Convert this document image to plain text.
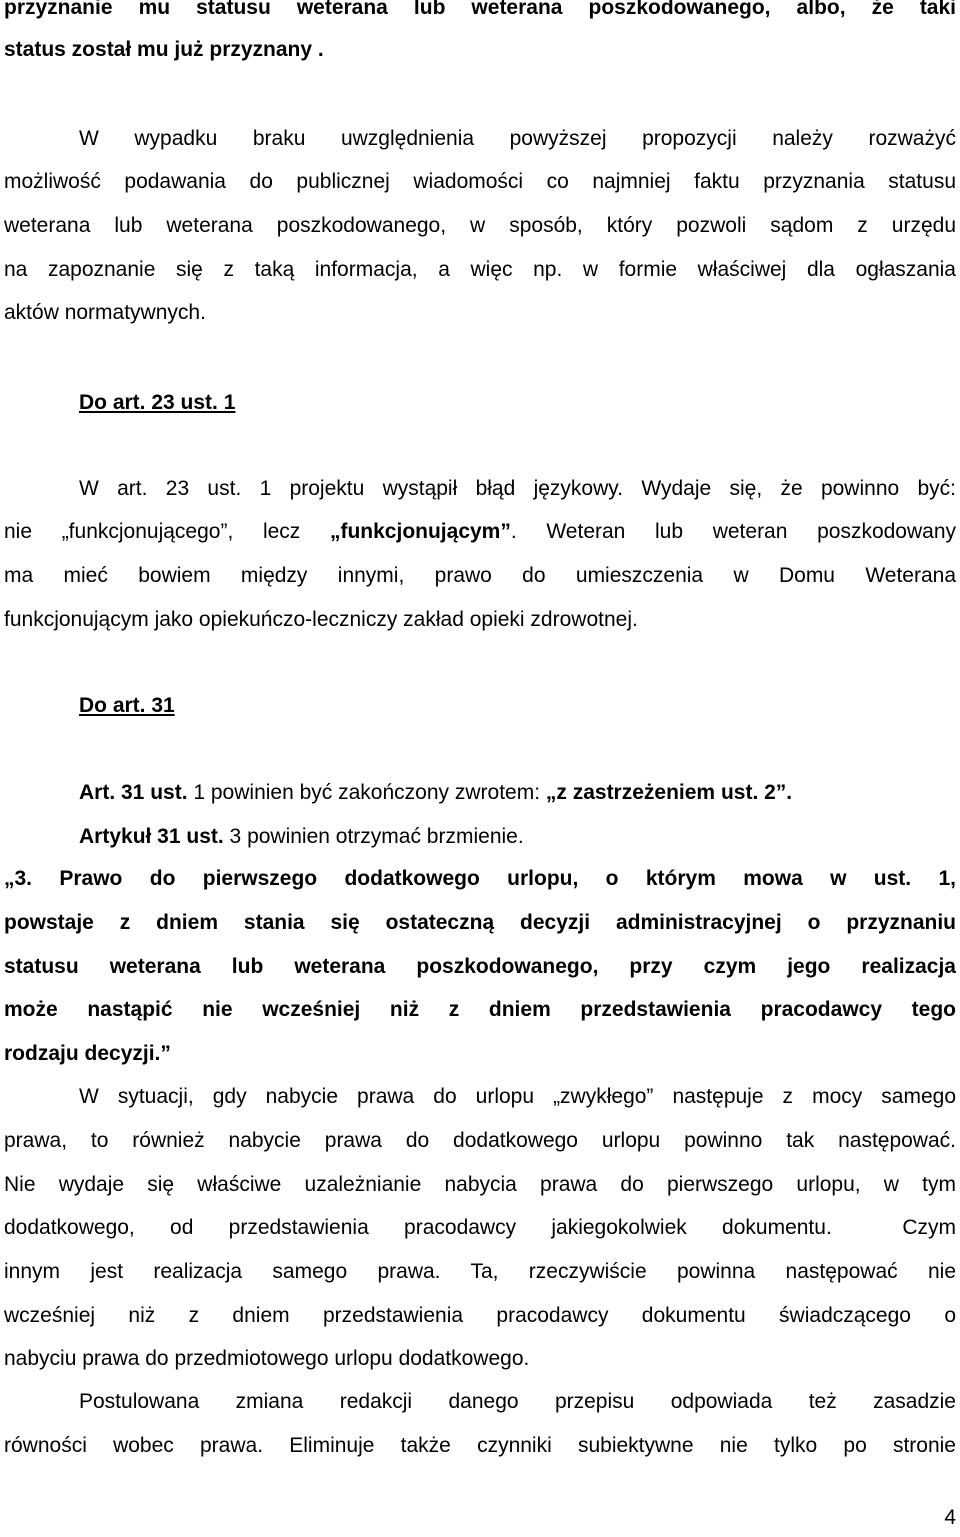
przyznanie mu statusu weterana lub weterana poszkodowanego, albo, że taki

status został mu już przyznany .

W wypadku braku uwzględnienia powyższej propozycji należy rozważyć

możliwość podawania do publicznej wiadomości co najmniej faktu przyznania statusu

weterana lub weterana poszkodowanego, w sposób, który pozwoli sądom z urzędu

na zapoznanie się z taką informacja, a więc np. w formie właściwej dla ogłaszania

aktów normatywnych.

Do art. 23 ust. 1

W art. 23 ust. 1 projektu wystąpił błąd językowy. Wydaje się, że powinno być:

nie „funkcjonującego”, lecz „funkcjonującym”. Weteran lub weteran poszkodowany

ma mieć bowiem między innymi, prawo do umieszczenia w Domu Weterana

funkcjonującym jako opiekuńczo-leczniczy zakład opieki zdrowotnej.

Do art. 31

Art. 31 ust. 1 powinien być zakończony zwrotem: „z zastrzeżeniem ust. 2”.

Artykuł 31 ust. 3 powinien otrzymać brzmienie.

„3. Prawo do pierwszego dodatkowego urlopu, o którym mowa w ust. 1,

powstaje z dniem stania się ostateczną decyzji administracyjnej o przyznaniu

statusu weterana lub weterana poszkodowanego, przy czym jego realizacja

może nastąpić nie wcześniej niż z dniem przedstawienia pracodawcy tego

rodzaju decyzji.”

W sytuacji, gdy nabycie prawa do urlopu „zwykłego” następuje z mocy samego

prawa, to również nabycie prawa do dodatkowego urlopu powinno tak następować.

Nie wydaje się właściwe uzależnianie nabycia prawa do pierwszego urlopu, w tym

dodatkowego, od przedstawienia pracodawcy jakiegokolwiek dokumentu.  Czym

innym jest realizacja samego prawa. Ta, rzeczywiście powinna następować nie

wcześniej niż z dniem przedstawienia pracodawcy dokumentu świadczącego o

nabyciu prawa do przedmiotowego urlopu dodatkowego.

Postulowana zmiana redakcji danego przepisu odpowiada też zasadzie

równości wobec prawa. Eliminuje także czynniki subiektywne nie tylko po stronie

4
